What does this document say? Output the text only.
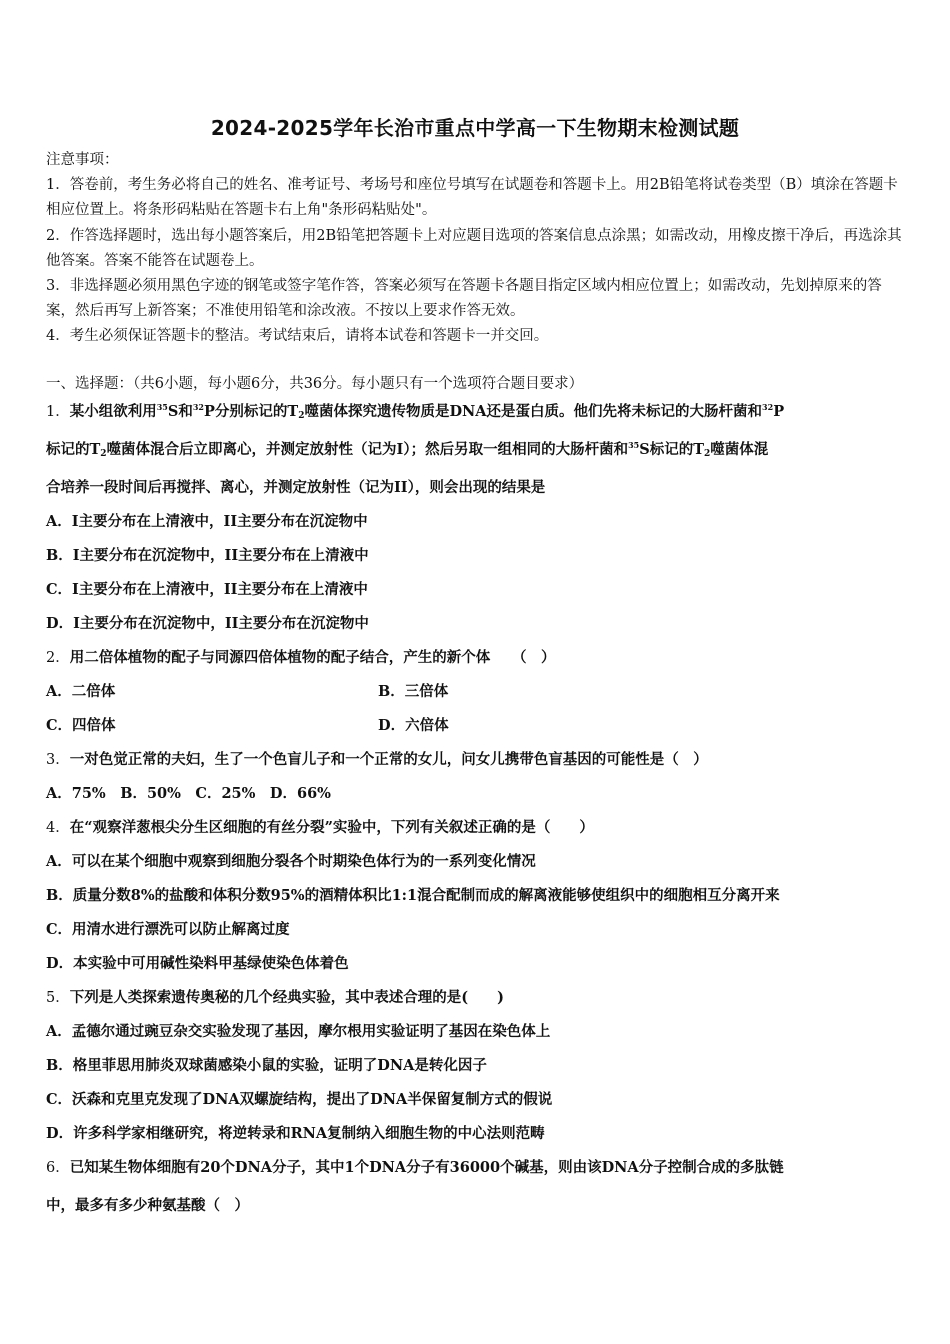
2024-2025学年长治市重点中学高一下生物期末检测试题

注意事项：

1．答卷前，考生务必将自己的姓名、准考证号、考场号和座位号填写在试题卷和答题卡上。用2B铅笔将试卷类型（B）填涂在答题卡相应位置上。将条形码粘贴在答题卡右上角"条形码粘贴处"。

2．作答选择题时，选出每小题答案后，用2B铅笔把答题卡上对应题目选项的答案信息点涂黑；如需改动，用橡皮擦干净后，再选涂其他答案。答案不能答在试题卷上。

3．非选择题必须用黑色字迹的钢笔或签字笔作答，答案必须写在答题卡各题目指定区域内相应位置上；如需改动，先划掉原来的答案，然后再写上新答案；不准使用铅笔和涂改液。不按以上要求作答无效。

4．考生必须保证答题卡的整洁。考试结束后，请将本试卷和答题卡一并交回。

一、选择题：（共6小题，每小题6分，共36分。每小题只有一个选项符合题目要求）
1．某小组欲利用$^{35}$S和$^{32}$P分别标记的$T_2$噬菌体探究遗传物质是DNA还是蛋白质。他们先将未标记的大肠杆菌和$^{32}$P
标记的$T_2$噬菌体混合后立即离心，并测定放射性（记为I）；然后另取一组相同的大肠杆菌和$^{35}$S标记的$T_2$噬菌体混
合培养一段时间后再搅拌、离心，并测定放射性（记为II），则会出现的结果是
A．I主要分布在上清液中，II主要分布在沉淀物中
B．I主要分布在沉淀物中，II主要分布在上清液中
C．I主要分布在上清液中，II主要分布在上清液中
D．I主要分布在沉淀物中，II主要分布在沉淀物中
2．用二倍体植物的配子与同源四倍体植物的配子结合，产生的新个体　　（　）
A．二倍体	B．三倍体
C．四倍体	D．六倍体
3．一对色觉正常的夫妇，生了一个色盲儿子和一个正常的女儿，问女儿携带色盲基因的可能性是（　）
A．75%　B．50%　C．25%　D．66%
4．在“观察洋葱根尖分生区细胞的有丝分裂”实验中，下列有关叙述正确的是（　　）
A．可以在某个细胞中观察到细胞分裂各个时期染色体行为的一系列变化情况
B．质量分数8%的盐酸和体积分数95%的酒精体积比1:1混合配制而成的解离液能够使组织中的细胞相互分离开来
C．用清水进行漂洗可以防止解离过度
D．本实验中可用碱性染料甲基绿使染色体着色
5．下列是人类探索遗传奥秘的几个经典实验，其中表述合理的是(　　)
A．孟德尔通过豌豆杂交实验发现了基因，摩尔根用实验证明了基因在染色体上
B．格里菲思用肺炎双球菌感染小鼠的实验，证明了DNA是转化因子
C．沃森和克里克发现了DNA双螺旋结构，提出了DNA半保留复制方式的假说
D．许多科学家相继研究，将逆转录和RNA复制纳入细胞生物的中心法则范畴
6．已知某生物体细胞有20个DNA分子，其中1个DNA分子有36000个碱基，则由该DNA分子控制合成的多肽链
中，最多有多少种氨基酸（　）
